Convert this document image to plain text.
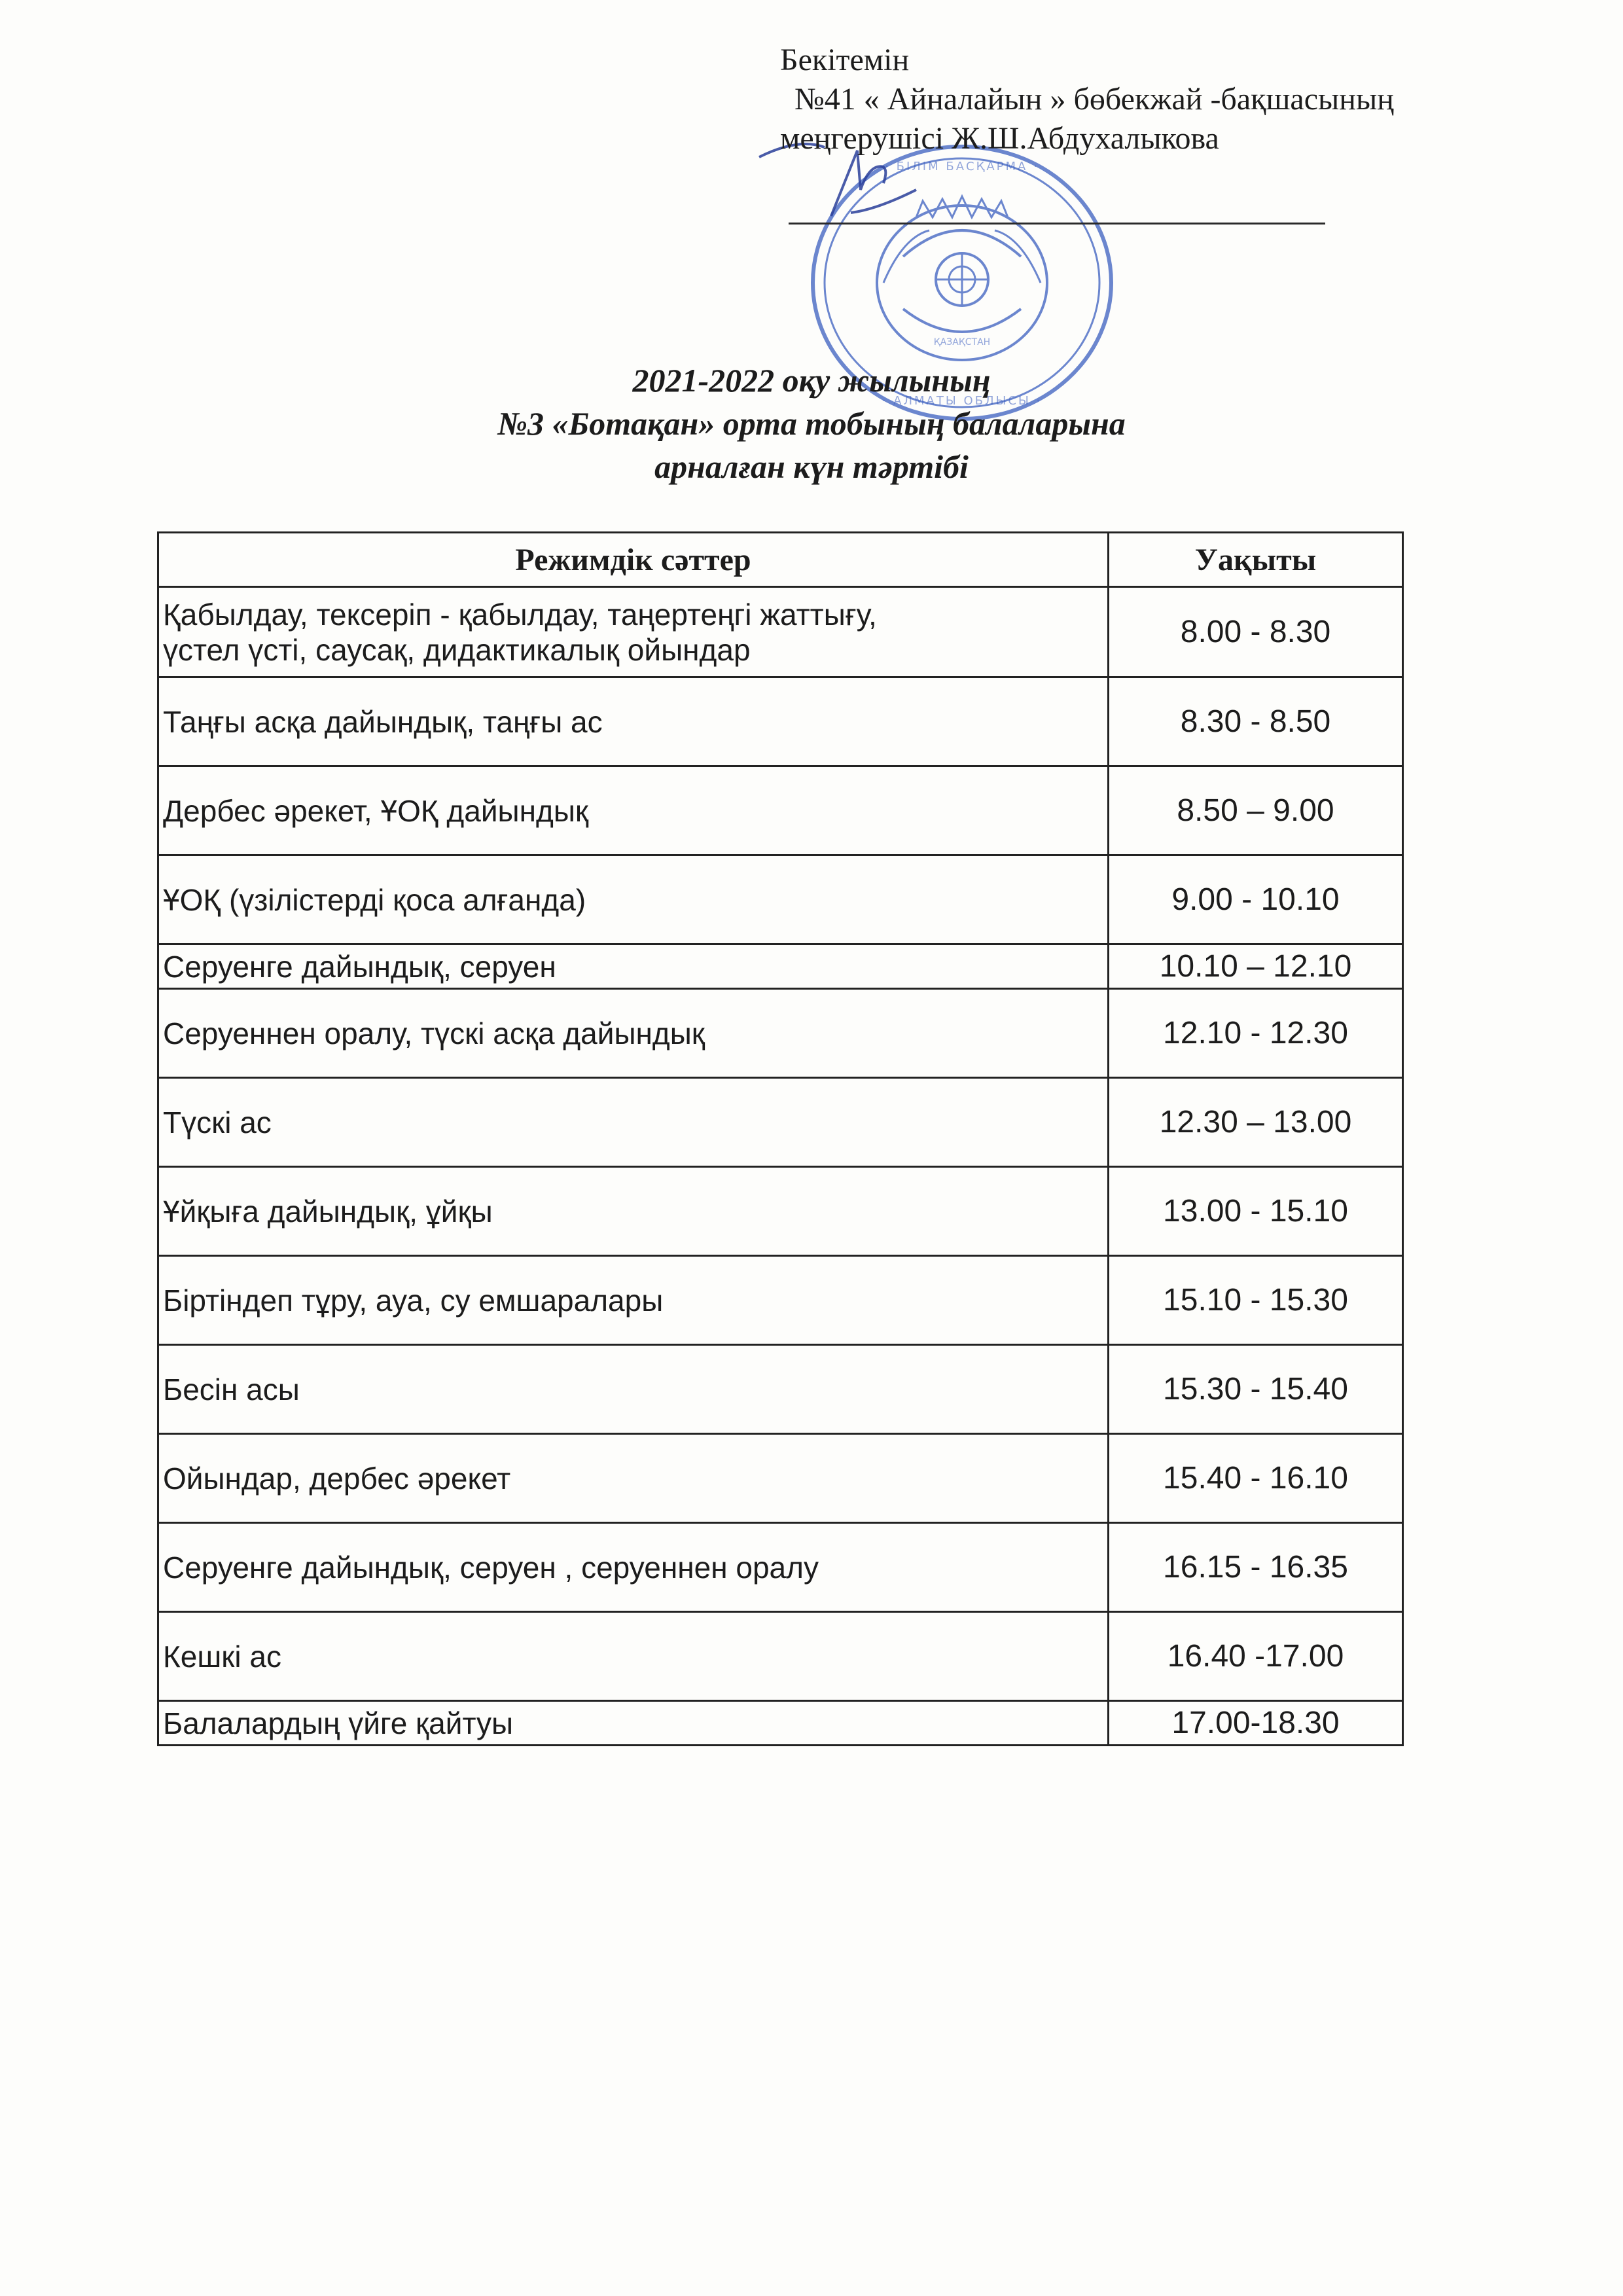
· БІЛІМ БАСҚАРМА ·
· АЛМАТЫ ОБЛЫСЫ ·
ҚАЗАҚСТАН
Бекітемін
№41 « Айналайын » бөбекжай -бақшасының
меңгерушісі Ж.Ш.Абдухалыкова
2021-2022 оқу жылының
№3 «Ботақан» орта тобының балаларына
арналған күн тәртібі
Режимдік сәттер	Уақыты

Қабылдау, тексеріп - қабылдау, таңертеңгі жаттығу,
үстел үсті, саусақ, дидактикалық ойындар	8.00 - 8.30
Таңғы асқа дайындық, таңғы ас	8.30 - 8.50
Дербес әрекет, ҰОҚ дайындық	8.50 – 9.00
ҰОҚ (үзілістерді қоса алғанда)	9.00 - 10.10
Серуенге дайындық, серуен	10.10 – 12.10
Серуеннен оралу, түскі асқа дайындық	12.10 - 12.30
Түскі ас	12.30 – 13.00
Ұйқыға дайындық, ұйқы	13.00 - 15.10
Біртіндеп тұру, ауа, су емшаралары	15.10 - 15.30
Бесін асы	15.30 - 15.40
Ойындар, дербес әрекет	15.40 - 16.10
Серуенге дайындық, серуен , серуеннен оралу	16.15 - 16.35
Кешкі ас	16.40 -17.00
Балалардың үйге қайтуы	17.00-18.30
